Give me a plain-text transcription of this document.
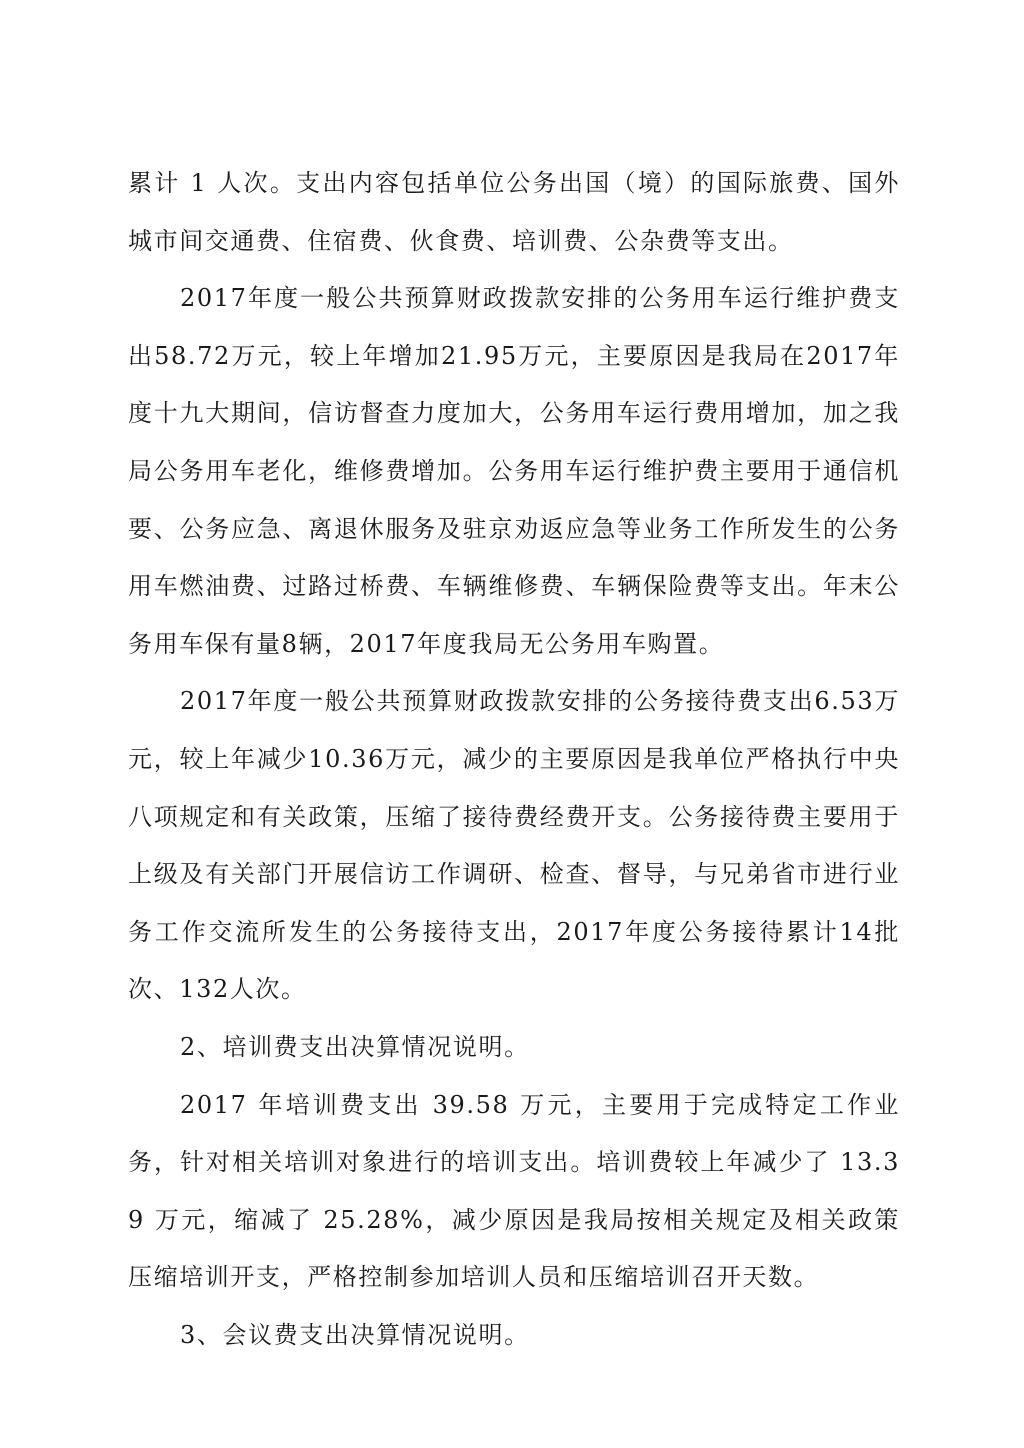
累计 1 人次。支出内容包括单位公务出国（境）的国际旅费、国外城市间交通费、住宿费、伙食费、培训费、公杂费等支出。

2017年度一般公共预算财政拨款安排的公务用车运行维护费支出58.72万元，较上年增加21.95万元，主要原因是我局在2017年度十九大期间，信访督查力度加大，公务用车运行费用增加，加之我局公务用车老化，维修费增加。公务用车运行维护费主要用于通信机要、公务应急、离退休服务及驻京劝返应急等业务工作所发生的公务用车燃油费、过路过桥费、车辆维修费、车辆保险费等支出。年末公务用车保有量8辆，2017年度我局无公务用车购置。

2017年度一般公共预算财政拨款安排的公务接待费支出6.53万元，较上年减少10.36万元，减少的主要原因是我单位严格执行中央八项规定和有关政策，压缩了接待费经费开支。公务接待费主要用于上级及有关部门开展信访工作调研、检查、督导，与兄弟省市进行业务工作交流所发生的公务接待支出，2017年度公务接待累计14批次、132人次。

2、培训费支出决算情况说明。

2017 年培训费支出 39.58 万元，主要用于完成特定工作业务，针对相关培训对象进行的培训支出。培训费较上年减少了 13.39 万元，缩减了 25.28%，减少原因是我局按相关规定及相关政策压缩培训开支，严格控制参加培训人员和压缩培训召开天数。

3、会议费支出决算情况说明。
